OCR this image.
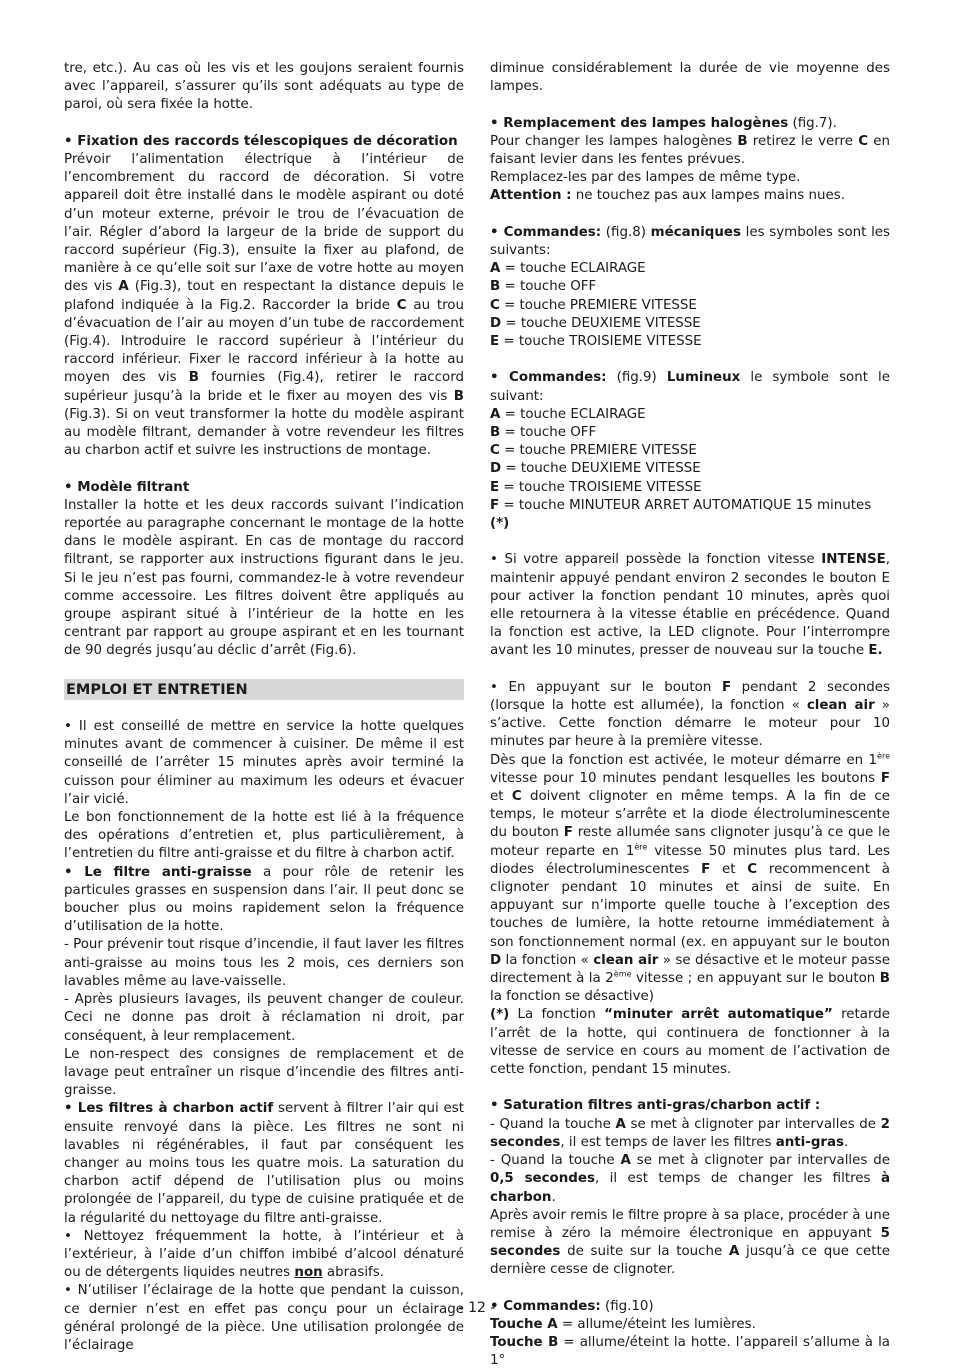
tre, etc.). Au cas où les vis et les goujons seraient fournis avec l’appareil, s’assurer qu’ils sont adéquats au type de paroi, où sera fixée la hotte.

• Fixation des raccords télescopiques de décoration

Prévoir l’alimentation électrique à l’intérieur de l’encombrement du raccord de décoration. Si votre appareil doit être installé dans le modèle aspirant ou doté d’un moteur externe, prévoir le trou de l’évacuation de l’air. Régler d’abord la largeur de la bride de support du raccord supérieur (Fig.3), ensuite la fixer au plafond, de manière à ce qu’elle soit sur l’axe de votre hotte au moyen des vis A (Fig.3), tout en respectant la distance depuis le plafond indiquée à la Fig.2. Raccorder la bride C au trou d’évacuation de l’air au moyen d’un tube de raccordement (Fig.4). Introduire le raccord supérieur à l’intérieur du raccord inférieur. Fixer le raccord inférieur à la hotte au moyen des vis B fournies (Fig.4), retirer le raccord supérieur jusqu’à la bride et le fixer au moyen des vis B (Fig.3). Si on veut transformer la hotte du modèle aspirant au modèle filtrant, demander à votre revendeur les filtres au charbon actif et suivre les instructions de montage.

• Modèle filtrant

Installer la hotte et les deux raccords suivant l’indication reportée au paragraphe concernant le montage de la hotte dans le modèle aspirant. En cas de montage du raccord filtrant, se rapporter aux instructions figurant dans le jeu. Si le jeu n’est pas fourni, commandez-le à votre revendeur comme accessoire. Les filtres doivent être appliqués au groupe aspirant situé à l’intérieur de la hotte en les centrant par rapport au groupe aspirant et en les tournant de 90 degrés jusqu’au déclic d’arrêt (Fig.6).

EMPLOI ET ENTRETIEN

• Il est conseillé de mettre en service la hotte quelques minutes avant de commencer à cuisiner. De même il est conseillé de l’arrêter 15 minutes après avoir terminé la cuisson pour éliminer au maximum les odeurs et évacuer l’air vicié.

Le bon fonctionnement de la hotte est lié à la fréquence des opérations d’entretien et, plus particulièrement, à l’entretien du filtre anti-graisse et du filtre à charbon actif.

• Le filtre anti-graisse a pour rôle de retenir les particules grasses en suspension dans l’air. Il peut donc se boucher plus ou moins rapidement selon la fréquence d’utilisation de la hotte.

- Pour prévenir tout risque d’incendie, il faut laver les filtres anti-graisse au moins tous les 2 mois, ces derniers son lavables même au lave-vaisselle.

- Après plusieurs lavages, ils peuvent changer de couleur. Ceci ne donne pas droit à réclamation ni droit, par conséquent, à leur remplacement.

Le non-respect des consignes de remplacement et de lavage peut entraîner un risque d’incendie des filtres anti-graisse.

• Les filtres à charbon actif servent à filtrer l’air qui est ensuite renvoyé dans la pièce. Les filtres ne sont ni lavables ni régénérables, il faut par conséquent les changer au moins tous les quatre mois. La saturation du charbon actif dépend de l’utilisation plus ou moins prolongée de l’appareil, du type de cuisine pratiquée et de la régularité du nettoyage du filtre anti-graisse.

• Nettoyez fréquemment la hotte, à l’intérieur et à l’extérieur, à l’aide d’un chiffon imbibé d’alcool dénaturé ou de détergents liquides neutres non abrasifs.

• N’utiliser l’éclairage de la hotte que pendant la cuisson, ce dernier n’est en effet pas conçu pour un éclairage général prolongé de la pièce. Une utilisation prolongée de l’éclairage

diminue considérablement la durée de vie moyenne des lampes.

• Remplacement des lampes halogènes (fig.7).

Pour changer les lampes halogènes B retirez le verre C en faisant levier dans les fentes prévues.

Remplacez-les par des lampes de même type.

Attention : ne touchez pas aux lampes mains nues.

• Commandes: (fig.8) mécaniques les symboles sont les suivants:

A = touche ECLAIRAGE

B = touche OFF

C = touche PREMIERE VITESSE

D = touche DEUXIEME VITESSE

E = touche TROISIEME VITESSE

• Commandes: (fig.9) Lumineux le symbole sont le suivant:

A = touche ECLAIRAGE

B = touche OFF

C = touche PREMIERE VITESSE

D = touche DEUXIEME VITESSE

E = touche TROISIEME VITESSE

F = touche MINUTEUR ARRET AUTOMATIQUE 15 minutes (*)

• Si votre appareil possède la fonction vitesse INTENSE, maintenir appuyé pendant environ 2 secondes le bouton E pour activer la fonction pendant 10 minutes, après quoi elle retournera à la vitesse établie en précédence. Quand la fonction est active, la LED clignote. Pour l’interrompre avant les 10 minutes, presser de nouveau sur la touche E.

• En appuyant sur le bouton F pendant 2 secondes (lorsque la hotte est allumée), la fonction « clean air » s’active. Cette fonction démarre le moteur pour 10 minutes par heure à la première vitesse.

Dès que la fonction est activée, le moteur démarre en 1ère vitesse pour 10 minutes pendant lesquelles les boutons F et C doivent clignoter en même temps. A la fin de ce temps, le moteur s’arrête et la diode électroluminescente du bouton F reste allumée sans clignoter jusqu’à ce que le moteur reparte en 1ère vitesse 50 minutes plus tard. Les diodes électroluminescentes F et C recommencent à clignoter pendant 10 minutes et ainsi de suite. En appuyant sur n’importe quelle touche à l’exception des touches de lumière, la hotte retourne immédiatement à son fonctionnement normal (ex. en appuyant sur le bouton D la fonction « clean air » se désactive et le moteur passe directement à la 2ème vitesse ; en appuyant sur le bouton B la fonction se désactive)

(*) La fonction “minuter arrêt automatique” retarde l’arrêt de la hotte, qui continuera de fonctionner à la vitesse de service en cours au moment de l’activation de cette fonction, pendant 15 minutes.

• Saturation filtres anti-gras/charbon actif :

- Quand la touche A se met à clignoter par intervalles de 2 secondes, il est temps de laver les filtres anti-gras.

- Quand la touche A se met à clignoter par intervalles de 0,5 secondes, il est temps de changer les filtres à charbon.

Après avoir remis le filtre propre à sa place, procéder à une remise à zéro la mémoire électronique en appuyant 5 secondes de suite sur la touche A jusqu’à ce que cette dernière cesse de clignoter.

• Commandes: (fig.10)

Touche A = allume/éteint les lumières.

Touche B = allume/éteint la hotte. l’appareil s’allume à la 1°

- 12 -
